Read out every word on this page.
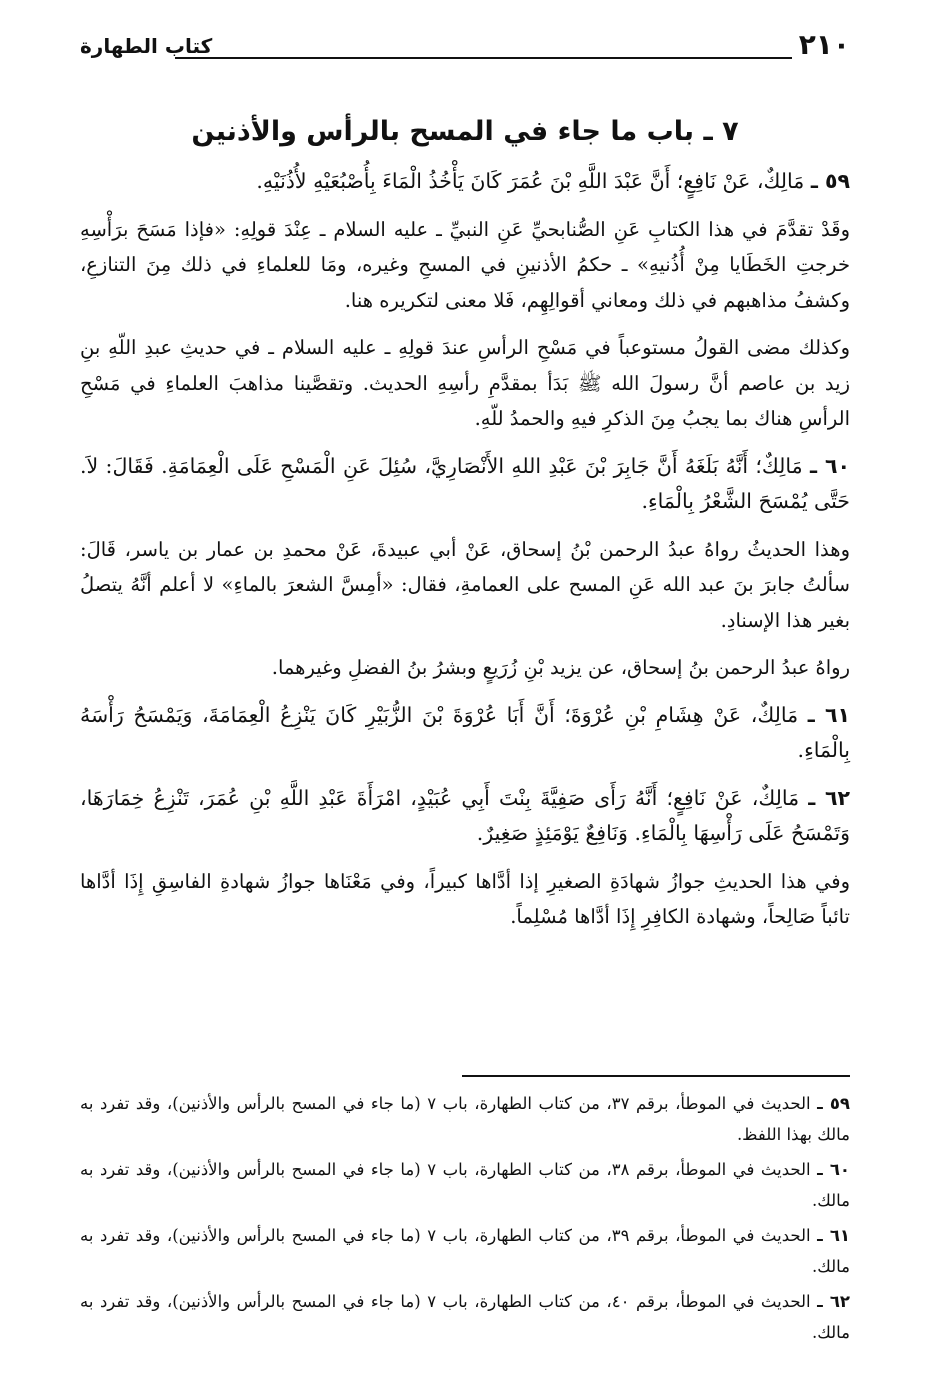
٢١٠
كتاب الطهارة
٧ ـ باب ما جاء في المسح بالرأس والأذنين

٥٩ ـ مَالِكٌ، عَنْ نَافِعٍ؛ أَنَّ عَبْدَ اللَّهِ بْنَ عُمَرَ كَانَ يَأْخُذُ الْمَاءَ بِأُصْبُعَيْهِ لأُذُنَيْهِ.

وقَدْ تقدَّمَ في هذا الكتابِ عَنِ الصُّنابحيِّ عَنِ النبيِّ ـ عليه السلام ـ عِنْدَ قولِهِ: «فإذا مَسَحَ برَأْسِهِ خرجتِ الخَطَايا مِنْ أُذُنيهِ» ـ حكمُ الأذنينِ في المسحِ وغيره، ومَا للعلماءِ في ذلك مِنَ التنازعِ، وكشفُ مذاهبهم في ذلك ومعاني أقوالِهِم، فَلا معنى لتكريره هنا.

وكذلك مضى القولُ مستوعباً في مَسْحِ الرأسِ عندَ قولِهِ ـ عليه السلام ـ في حديثِ عبدِ اللّهِ بنِ زيد بن عاصم أنَّ رسولَ الله ﷺ بَدَأ بمقدَّمِ رأسِهِ الحديث. وتقصَّينا مذاهبَ العلماءِ في مَسْحِ الرأسِ هناك بما يجبُ مِنَ الذكرِ فيهِ والحمدُ للّهِ.

٦٠ ـ مَالِكٌ؛ أَنَّهُ بَلَغَهُ أَنَّ جَابِرَ بْنَ عَبْدِ اللهِ الأَنْصَارِيَّ، سُئِلَ عَنِ الْمَسْحِ عَلَى الْعِمَامَةِ. فَقَالَ: لاَ. حَتَّى يُمْسَحَ الشَّعْرُ بِالْمَاءِ.

وهذا الحديثُ رواهُ عبدُ الرحمن بْنُ إسحاق، عَنْ أبي عبيدةَ، عَنْ محمدِ بن عمار بن ياسر، قَالَ: سألتُ جابرَ بنَ عبد الله عَنِ المسح على العمامةِ، فقال: «أمِسَّ الشعرَ بالماءِ» لا أعلم أنَّهُ يتصلُ بغير هذا الإسنادِ.

رواهُ عبدُ الرحمن بنُ إسحاق، عن يزيد بْنِ زُرَيعٍ وبشرُ بنُ الفضلِ وغيرهما.

٦١ ـ مَالِكٌ، عَنْ هِشَامِ بْنِ عُرْوَةَ؛ أَنَّ أَبَا عُرْوَةَ بْنَ الزُّبَيْرِ كَانَ يَنْزِعُ الْعِمَامَةَ، وَيَمْسَحُ رَأْسَهُ بِالْمَاءِ.

٦٢ ـ مَالِكٌ، عَنْ نَافِعٍ؛ أَنَّهُ رَأَى صَفِيَّةَ بِنْتَ أَبِي عُبَيْدٍ، امْرَأَةَ عَبْدِ اللَّهِ بْنِ عُمَرَ، تَنْزِعُ خِمَارَهَا، وَتَمْسَحُ عَلَى رَأْسِهَا بِالْمَاءِ. وَنَافِعٌ يَوْمَئِذٍ صَغِيرٌ.

وفي هذا الحديثِ جوازُ شهادَةِ الصغيرِ إذا أدَّاها كبيراً، وفي مَعْنَاها جوازُ شهادةِ الفاسِقِ إِذَا أدَّاها تائباً صَالِحاً، وشهادة الكافِرِ إِذَا أدَّاها مُسْلِماً.

٥٩ ـ الحديث في الموطأ، برقم ٣٧، من كتاب الطهارة، باب ٧ (ما جاء في المسح بالرأس والأذنين)، وقد تفرد به مالك بهذا اللفظ.

٦٠ ـ الحديث في الموطأ، برقم ٣٨، من كتاب الطهارة، باب ٧ (ما جاء في المسح بالرأس والأذنين)، وقد تفرد به مالك.

٦١ ـ الحديث في الموطأ، برقم ٣٩، من كتاب الطهارة، باب ٧ (ما جاء في المسح بالرأس والأذنين)، وقد تفرد به مالك.

٦٢ ـ الحديث في الموطأ، برقم ٤٠، من كتاب الطهارة، باب ٧ (ما جاء في المسح بالرأس والأذنين)، وقد تفرد به مالك.
